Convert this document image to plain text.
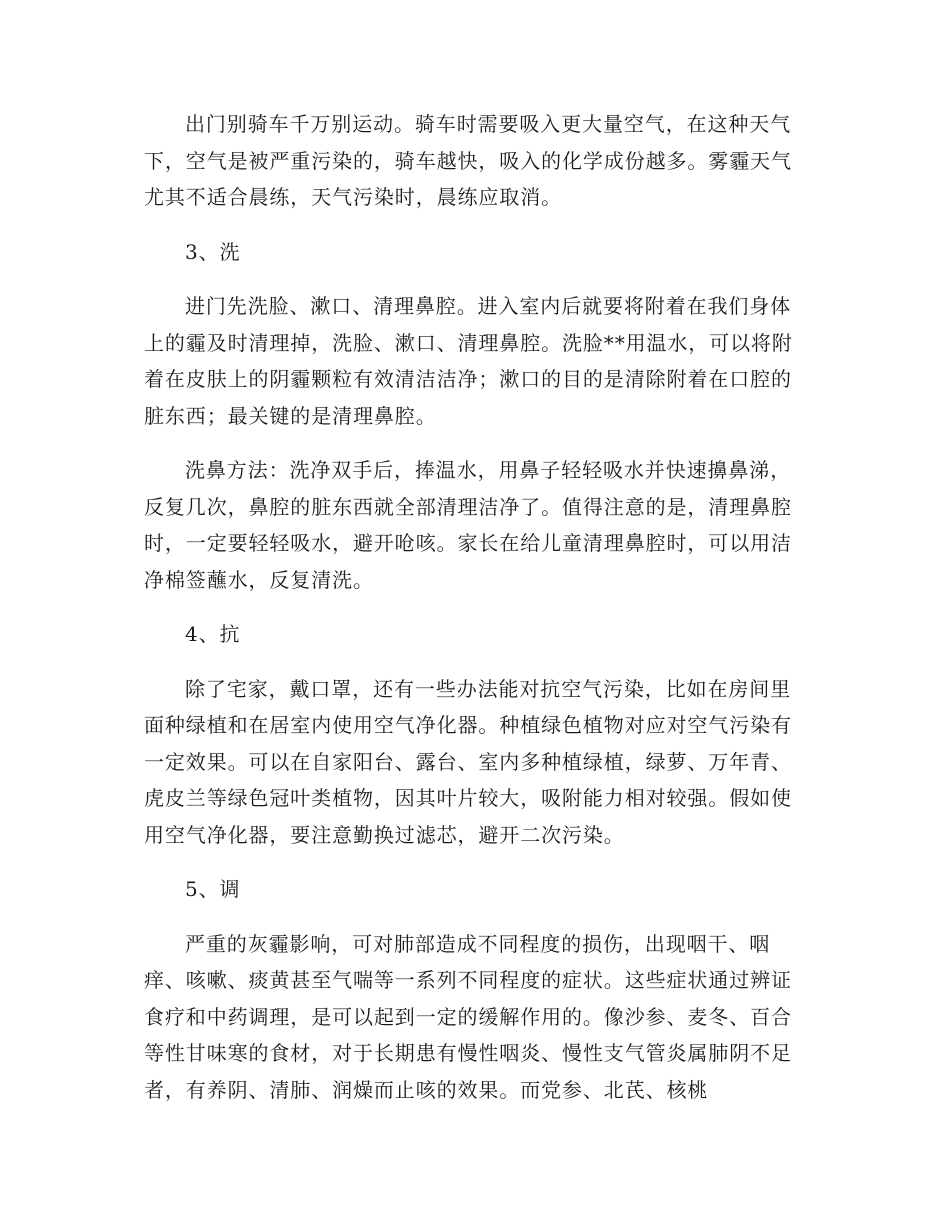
出门别骑车千万别运动。骑车时需要吸入更大量空气，在这种天气下，空气是被严重污染的，骑车越快，吸入的化学成份越多。雾霾天气尤其不适合晨练，天气污染时，晨练应取消。

3、洗

进门先洗脸、漱口、清理鼻腔。进入室内后就要将附着在我们身体上的霾及时清理掉，洗脸、漱口、清理鼻腔。洗脸**用温水，可以将附着在皮肤上的阴霾颗粒有效清洁洁净；漱口的目的是清除附着在口腔的脏东西；最关键的是清理鼻腔。

洗鼻方法：洗净双手后，捧温水，用鼻子轻轻吸水并快速擤鼻涕，反复几次，鼻腔的脏东西就全部清理洁净了。值得注意的是，清理鼻腔时，一定要轻轻吸水，避开呛咳。家长在给儿童清理鼻腔时，可以用洁净棉签蘸水，反复清洗。

4、抗

除了宅家，戴口罩，还有一些办法能对抗空气污染，比如在房间里面种绿植和在居室内使用空气净化器。种植绿色植物对应对空气污染有一定效果。可以在自家阳台、露台、室内多种植绿植，绿萝、万年青、虎皮兰等绿色冠叶类植物，因其叶片较大，吸附能力相对较强。假如使用空气净化器，要注意勤换过滤芯，避开二次污染。

5、调

严重的灰霾影响，可对肺部造成不同程度的损伤，出现咽干、咽痒、咳嗽、痰黄甚至气喘等一系列不同程度的症状。这些症状通过辨证食疗和中药调理，是可以起到一定的缓解作用的。像沙参、麦冬、百合等性甘味寒的食材，对于长期患有慢性咽炎、慢性支气管炎属肺阴不足者，有养阴、清肺、润燥而止咳的效果。而党参、北芪、核桃
